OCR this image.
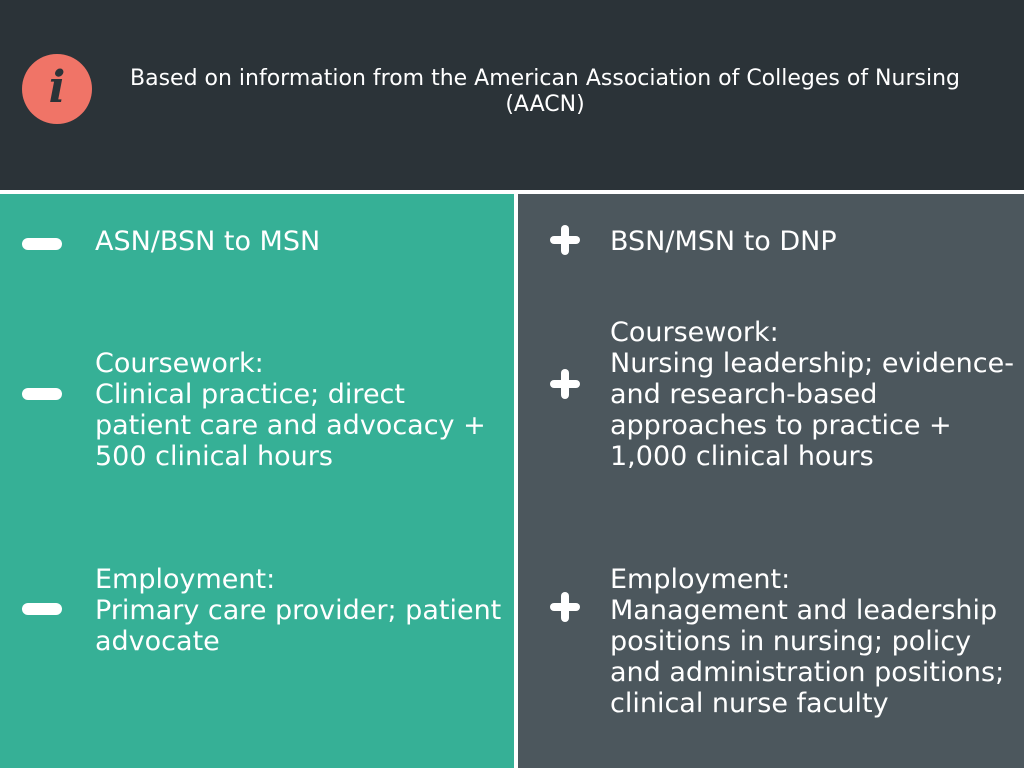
i	Based on information from the American Association of Colleges of Nursing (AACN)
ASN/BSN to MSN
Coursework:
Clinical practice; direct patient care and advocacy + 500 clinical hours
Employment:
Primary care provider; patient advocate
BSN/MSN to DNP
Coursework:
Nursing leadership; evidence- and research-based approaches to practice + 1,000 clinical hours
Employment:
Management and leadership positions in nursing; policy and administration positions; clinical nurse faculty
